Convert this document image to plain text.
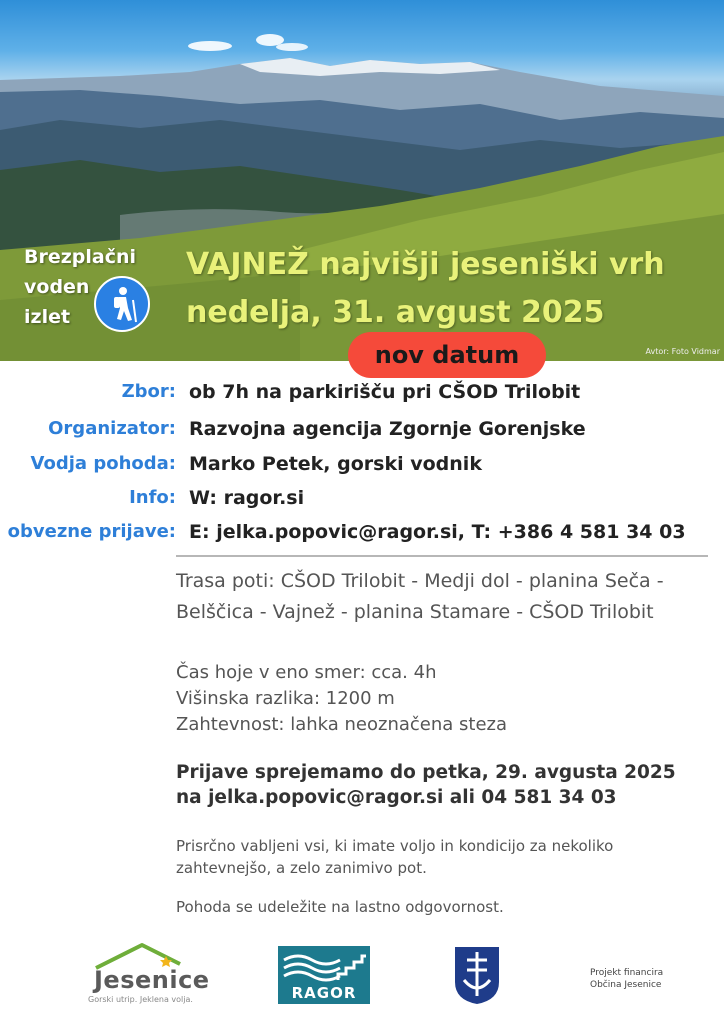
Brezplačni
voden
izlet
VAJNEŽ najvišji jeseniški vrh
nedelja, 31. avgust 2025
Avtor: Foto Vidmar
nov datum
Zbor: ob 7h na parkirišču pri CŠOD Trilobit
Organizator: Razvojna agencija Zgornje Gorenjske
Vodja pohoda: Marko Petek, gorski vodnik
Info: W: ragor.si
obvezne prijave: E: jelka.popovic@ragor.si, T: +386 4 581 34 03
Trasa poti: CŠOD Trilobit - Medji dol - planina Seča - Belščica - Vajnež - planina Stamare - CŠOD Trilobit
Čas hoje v eno smer: cca. 4h
Višinska razlika: 1200 m
Zahtevnost: lahka neoznačena steza
Prijave sprejemamo do petka, 29. avgusta 2025
na jelka.popovic@ragor.si ali 04 581 34 03
Prisrčno vabljeni vsi, ki imate voljo in kondicijo za nekoliko zahtevnejšo, a zelo zanimivo pot.
Pohoda se udeležite na lastno odgovornost.
Jesenice
Gorski utrip. Jeklena volja.	RAGOR
Projekt financira
Občina Jesenice
